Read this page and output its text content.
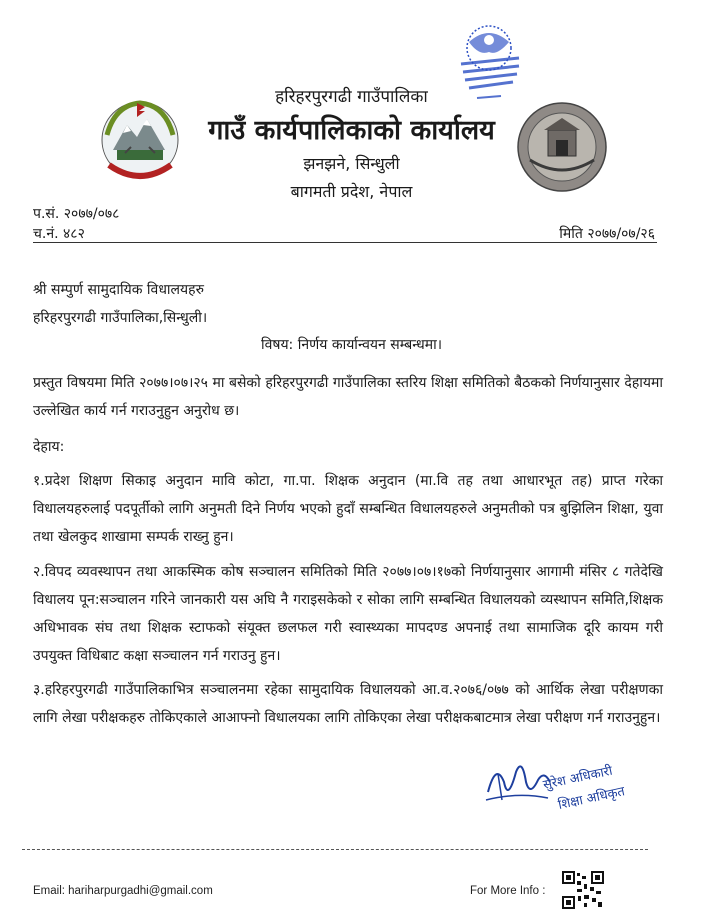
हरिहरपुरगढी गाउँपालिका
गाउँ कार्यपालिकाको कार्यालय
झनझने, सिन्धुली
बागमती प्रदेश, नेपाल
प.सं. २०७७/०७८
च.नं. ४८२	मिति २०७७/०७/२६
श्री सम्पुर्ण सामुदायिक विधालयहरु
हरिहरपुरगढी गाउँपालिका,सिन्धुली।
विषय: निर्णय कार्यान्वयन सम्बन्धमा।
प्रस्तुत विषयमा मिति २०७७।०७।२५ मा बसेको हरिहरपुरगढी गाउँपालिका स्तरिय शिक्षा समितिको बैठकको निर्णयानुसार देहायमा उल्लेखित कार्य गर्न गराउनुहुन अनुरोध छ।
देहाय:
१.प्रदेश शिक्षण सिकाइ अनुदान मावि कोटा, गा.पा. शिक्षक अनुदान (मा.वि तह तथा आधारभूत तह) प्राप्त गरेका विधालयहरुलाई पदपूर्तीको लागि अनुमती दिने निर्णय भएको हुदाँ सम्बन्धित विधालयहरुले अनुमतीको पत्र बुझिलिन शिक्षा, युवा तथा खेलकुद शाखामा सम्पर्क राख्नु हुन।
२.विपद व्यवस्थापन तथा आकस्मिक कोष सञ्चालन समितिको मिति २०७७।०७।१७को निर्णयानुसार आगामी मंसिर ८ गतेदेखि विधालय पून:सञ्चालन गरिने जानकारी यस अघि नै गराइसकेको र सोका लागि सम्बन्धित विधालयको व्यस्थापन समिति,शिक्षक अधिभावक संघ तथा शिक्षक स्टाफको संयूक्त छलफल गरी स्वास्थ्यका मापदण्ड अपनाई तथा सामाजिक दूरि कायम गरी उपयुक्त विधिबाट कक्षा सञ्चालन गर्न गराउनु हुन।
३.हरिहरपुरगढी गाउँपालिकाभित्र सञ्चालनमा रहेका सामुदायिक विधालयको आ.व.२०७६/०७७ को आर्थिक लेखा परीक्षणका लागि लेखा परीक्षकहरु तोकिएकाले आआफ्नो विधालयका लागि तोकिएका लेखा परीक्षकबाटमात्र लेखा परीक्षण गर्न गराउनुहुन।
सुरेश अधिकारी
शिक्षा अधिकृत
Email: hariharpurgadhi@gmail.com	For More Info :
